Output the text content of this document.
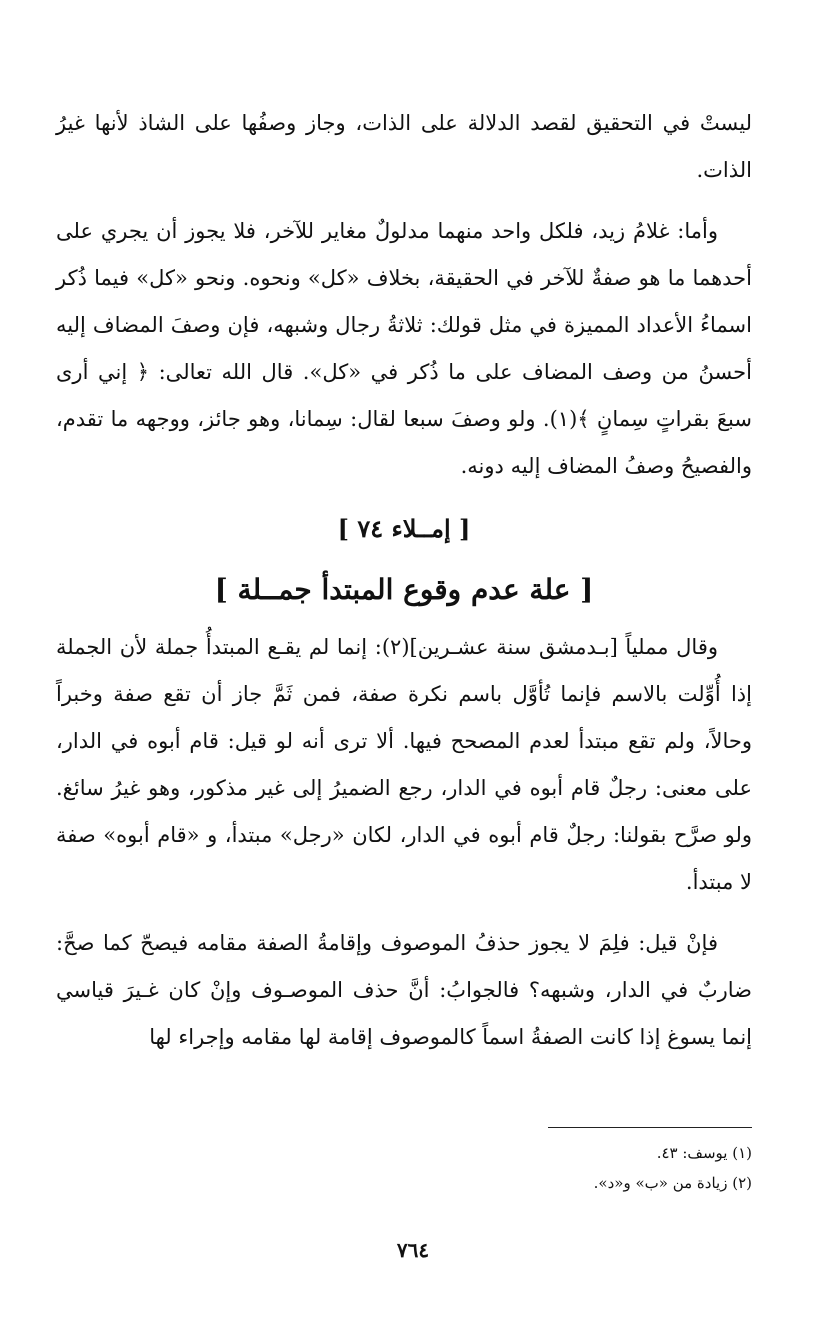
ليستْ في التحقيق لقصد الدلالة على الذات، وجاز وصفُها على الشاذ لأنها غيرُ الذات.

وأما: غلامُ زيد، فلكل واحد منهما مدلولٌ مغاير للآخر، فلا يجوز أن يجري على أحدهما ما هو صفةٌ للآخر في الحقيقة، بخلاف «كل» ونحوه. ونحو «كل» فيما ذُكر اسماءُ الأعداد المميزة في مثل قولك: ثلاثةُ رجال وشبهه، فإن وصفَ المضاف إليه أحسنُ من وصف المضاف على ما ذُكر في «كل». قال الله تعالى: ﴿ إني أرى سبعَ بقراتٍ سِمانٍ ﴾(١). ولو وصفَ سبعا لقال: سِمانا، وهو جائز، ووجهه ما تقدم، والفصيحُ وصفُ المضاف إليه دونه.

[ إمــلاء ٧٤ ]
[ علة عدم وقوع المبتدأ جمــلة ]

وقال مملياً [بـدمشق سنة عشـرين](٢): إنما لم يقـع المبتدأُ جملة لأن الجملة إذا أُوِّلت بالاسم فإنما تُأوَّل باسم نكرة صفة، فمن ثَمَّ جاز أن تقع صفة وخبراً وحالاً، ولم تقع مبتدأ لعدم المصحح فيها. ألا ترى أنه لو قيل: قام أبوه في الدار، على معنى: رجلٌ قام أبوه في الدار، رجع الضميرُ إلى غير مذكور، وهو غيرُ سائغ. ولو صرَّح بقولنا: رجلٌ قام أبوه في الدار، لكان «رجل» مبتدأ، و «قام أبوه» صفة لا مبتدأ.

فإنْ قيل: فلِمَ لا يجوز حذفُ الموصوف وإقامةُ الصفة مقامه فيصحّ كما صحَّ: ضاربٌ في الدار، وشبهه؟ فالجوابُ: أنَّ حذف الموصـوف وإنْ كان غـيرَ قياسي إنما يسوغ إذا كانت الصفةُ اسماً كالموصوف إقامة لها مقامه وإجراء لها

(١) يوسف: ٤٣.

(٢) زيادة من «ب» و«د».

٧٦٤
